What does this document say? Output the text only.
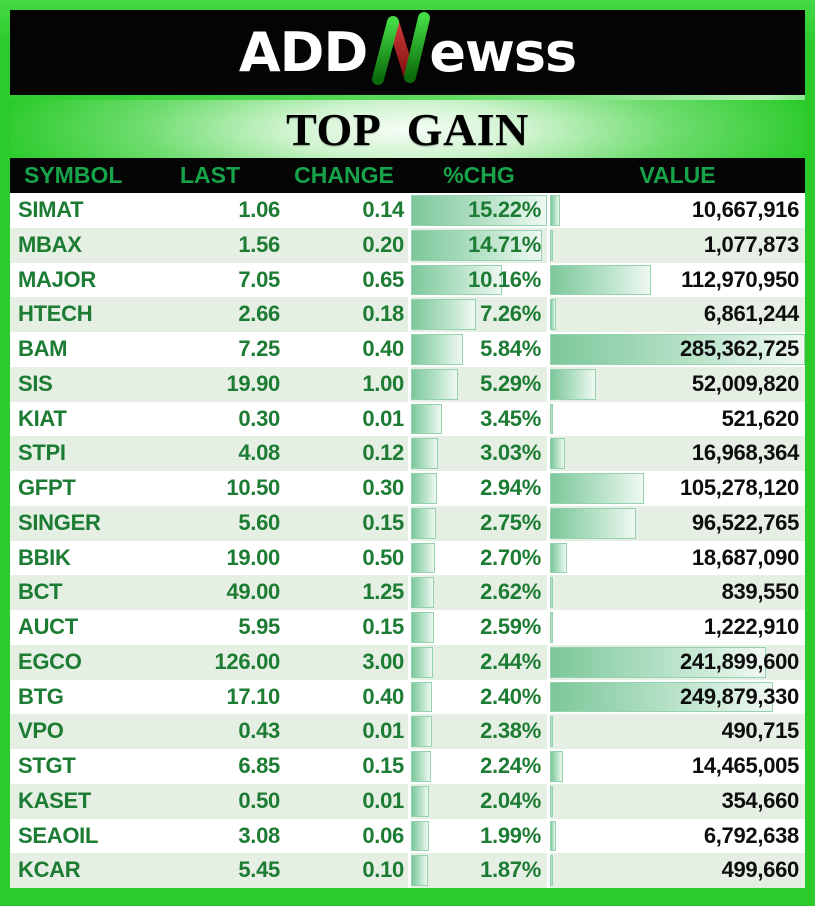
ADD ewss
TOP GAIN
SYMBOL	LAST	CHANGE	%CHG	VALUE
SIMAT	1.06	0.14	15.22%	10,667,916
MBAX	1.56	0.20	14.71%	1,077,873
MAJOR	7.05	0.65	10.16%	112,970,950
HTECH	2.66	0.18	7.26%	6,861,244
BAM	7.25	0.40	5.84%	285,362,725
SIS	19.90	1.00	5.29%	52,009,820
KIAT	0.30	0.01	3.45%	521,620
STPI	4.08	0.12	3.03%	16,968,364
GFPT	10.50	0.30	2.94%	105,278,120
SINGER	5.60	0.15	2.75%	96,522,765
BBIK	19.00	0.50	2.70%	18,687,090
BCT	49.00	1.25	2.62%	839,550
AUCT	5.95	0.15	2.59%	1,222,910
EGCO	126.00	3.00	2.44%	241,899,600
BTG	17.10	0.40	2.40%	249,879,330
VPO	0.43	0.01	2.38%	490,715
STGT	6.85	0.15	2.24%	14,465,005
KASET	0.50	0.01	2.04%	354,660
SEAOIL	3.08	0.06	1.99%	6,792,638
KCAR	5.45	0.10	1.87%	499,660
